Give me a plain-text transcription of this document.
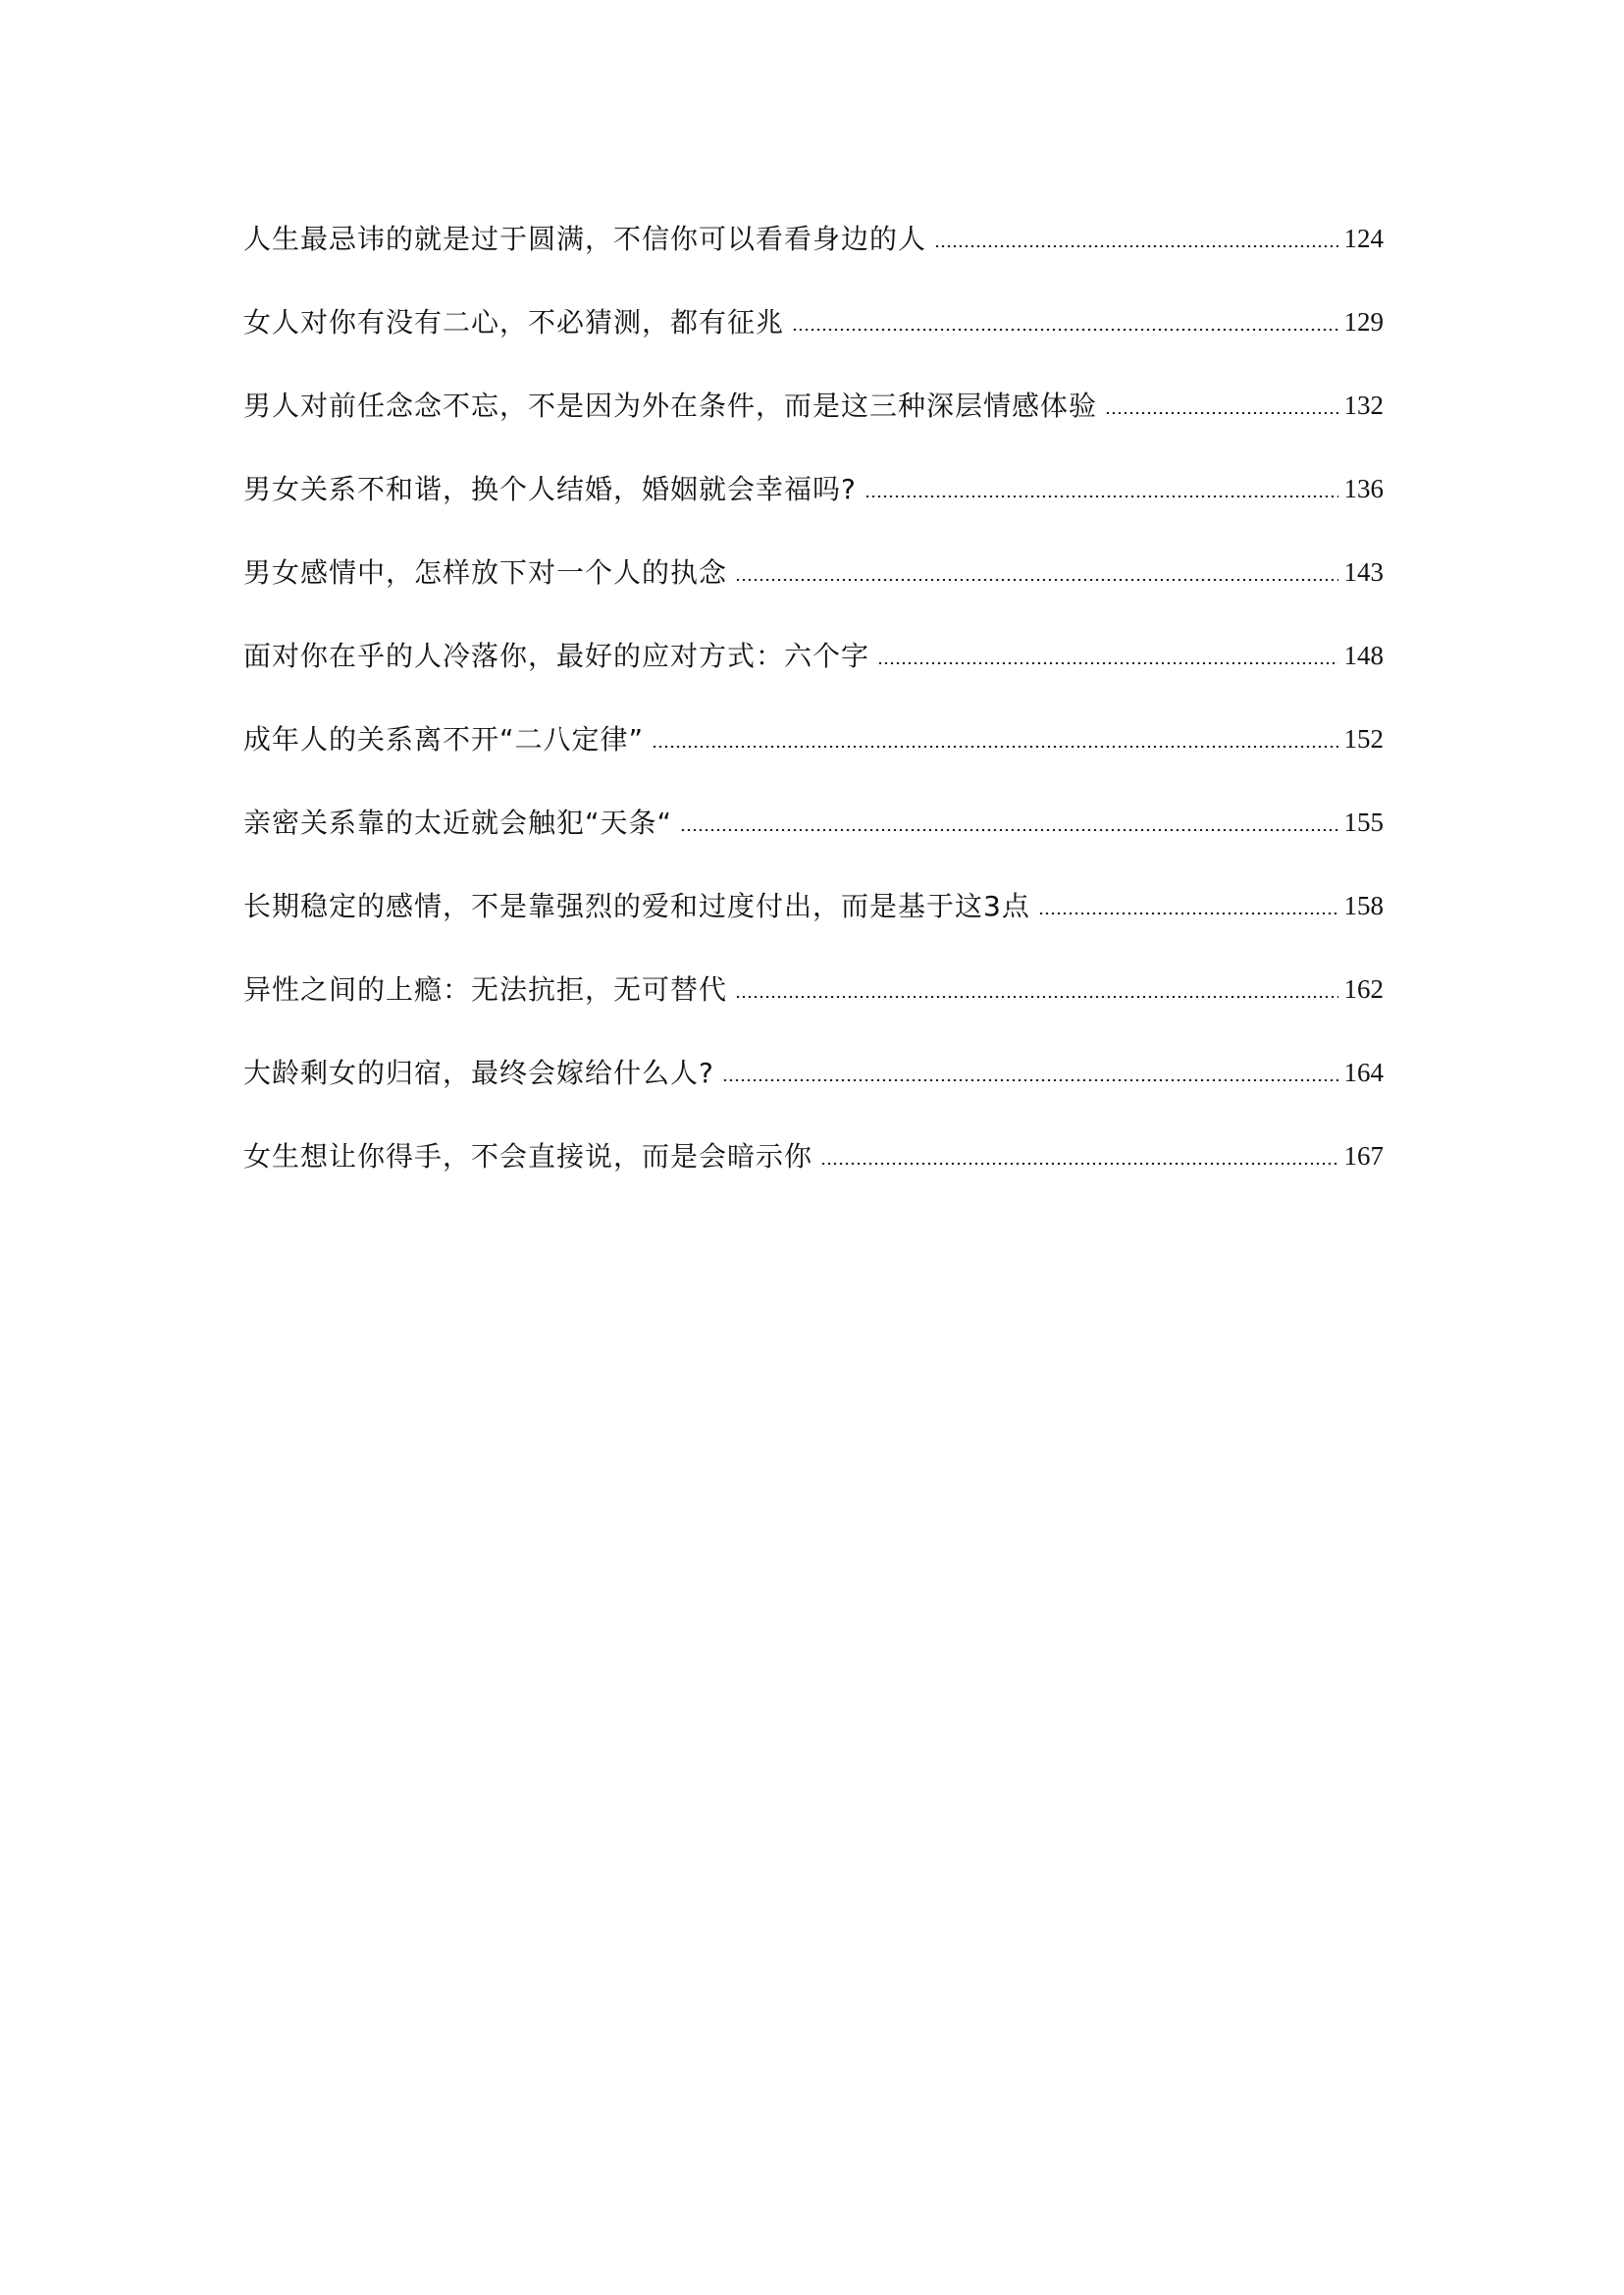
人生最忌讳的就是过于圆满，不信你可以看看身边的人	124
女人对你有没有二心，不必猜测，都有征兆	129
男人对前任念念不忘，不是因为外在条件，而是这三种深层情感体验	132
男女关系不和谐，换个人结婚，婚姻就会幸福吗?	136
男女感情中，怎样放下对一个人的执念	143
面对你在乎的人冷落你，最好的应对方式：六个字	148
成年人的关系离不开“二八定律”	152
亲密关系靠的太近就会触犯“天条“	155
长期稳定的感情，不是靠强烈的爱和过度付出，而是基于这3点	158
异性之间的上瘾：无法抗拒，无可替代	162
大龄剩女的归宿，最终会嫁给什么人?	164
女生想让你得手，不会直接说，而是会暗示你	167
